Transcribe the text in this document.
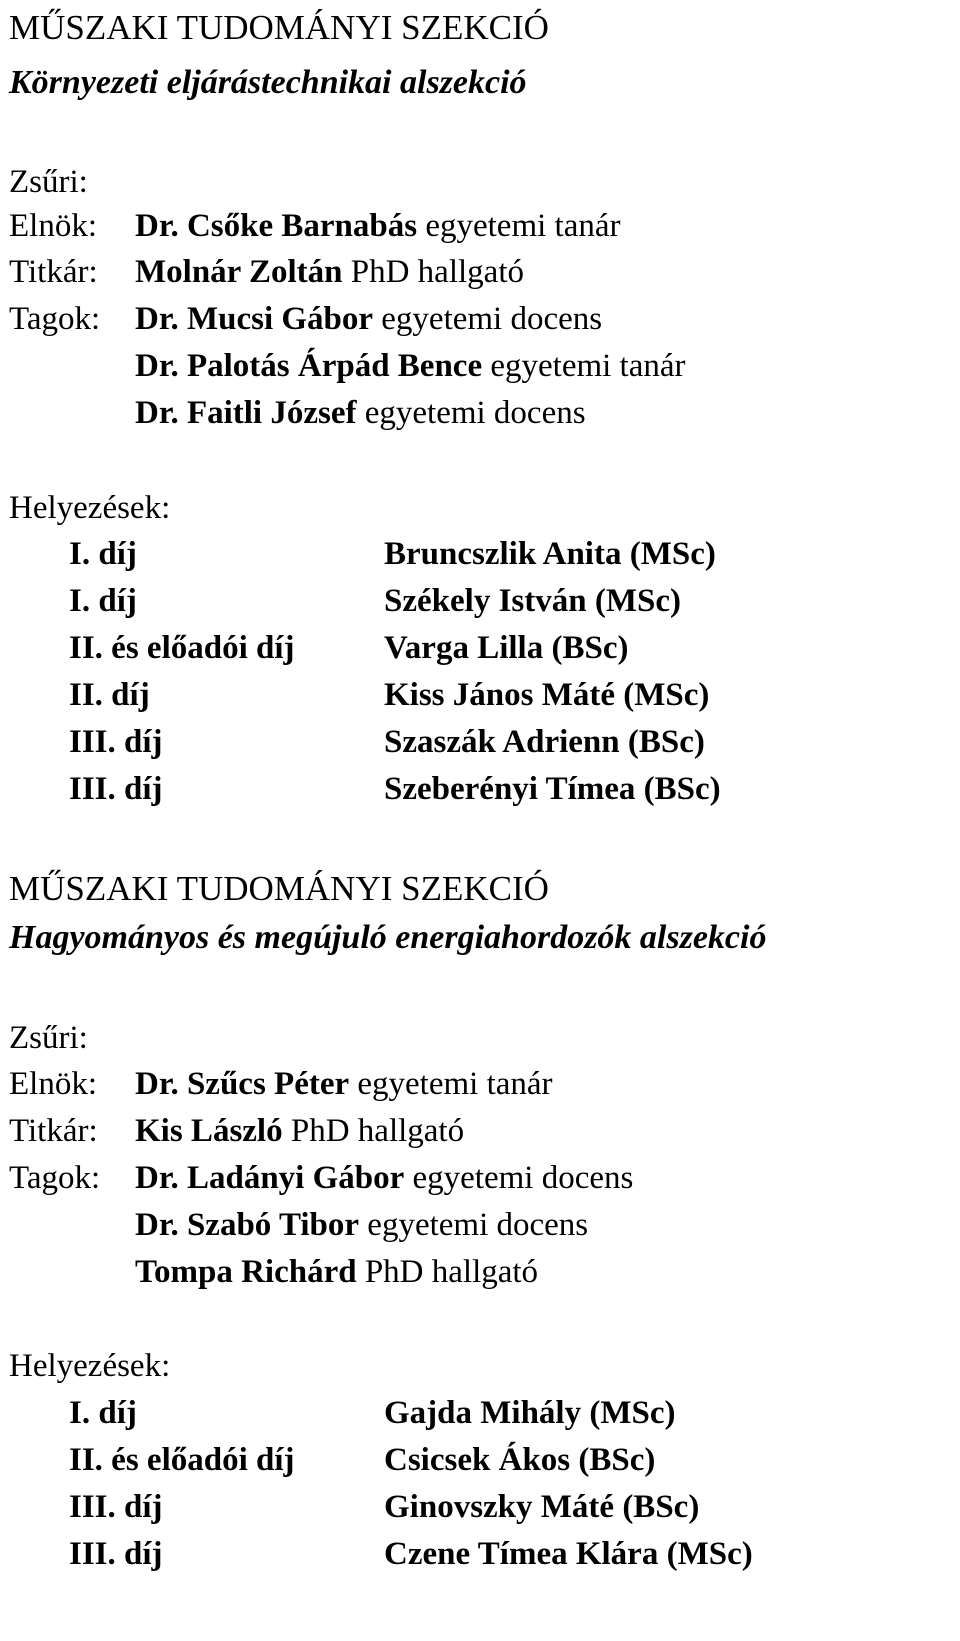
MŰSZAKI TUDOMÁNYI SZEKCIÓ
Környezeti eljárástechnikai alszekció
Zsűri:
Elnök: Dr. Csőke Barnabás egyetemi tanár
Titkár: Molnár Zoltán PhD hallgató
Tagok: Dr. Mucsi Gábor egyetemi docens
Dr. Palotás Árpád Bence egyetemi tanár
Dr. Faitli József egyetemi docens
Helyezések:
I. díj	Bruncszlik Anita (MSc)
I. díj	Székely István (MSc)
II. és előadói díj	Varga Lilla (BSc)
II. díj	Kiss János Máté (MSc)
III. díj	Szaszák Adrienn (BSc)
III. díj	Szeberényi Tímea (BSc)
MŰSZAKI TUDOMÁNYI SZEKCIÓ
Hagyományos és megújuló energiahordozók alszekció
Zsűri:
Elnök: Dr. Szűcs Péter egyetemi tanár
Titkár: Kis László PhD hallgató
Tagok: Dr. Ladányi Gábor egyetemi docens
Dr. Szabó Tibor egyetemi docens
Tompa Richárd PhD hallgató
Helyezések:
I. díj	Gajda Mihály (MSc)
II. és előadói díj	Csicsek Ákos (BSc)
III. díj	Ginovszky Máté (BSc)
III. díj	Czene Tímea Klára (MSc)
